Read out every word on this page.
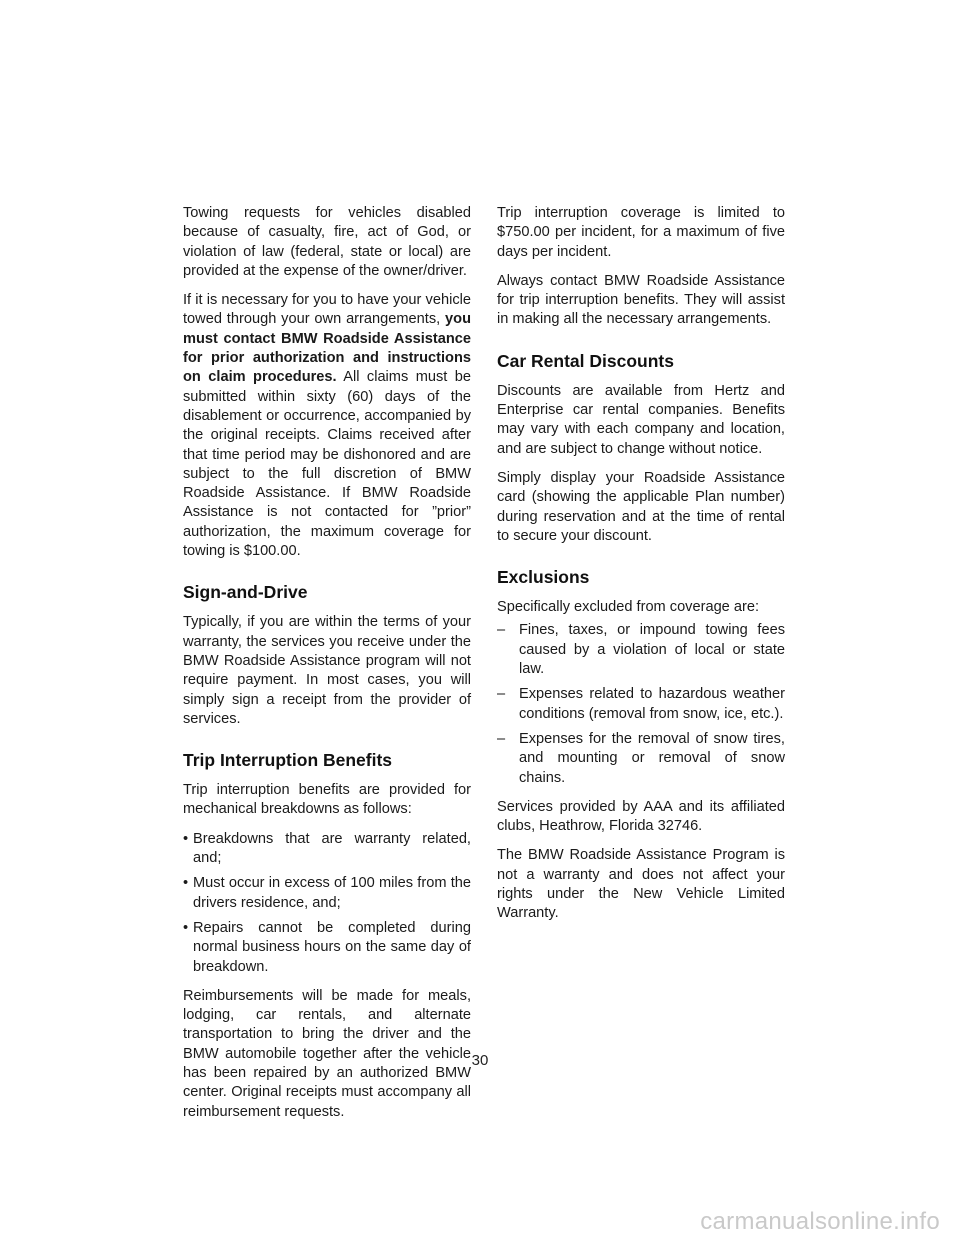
Towing requests for vehicles disabled because of casualty, fire, act of God, or violation of law (federal, state or local) are provided at the expense of the owner/driver.

If it is necessary for you to have your vehicle towed through your own arrangements, you must contact BMW Roadside Assistance for prior authorization and instructions on claim procedures. All claims must be submitted within sixty (60) days of the disablement or occurrence, accompanied by the original receipts. Claims received after that time period may be dishonored and are subject to the full discretion of BMW Roadside Assistance. If BMW Roadside Assistance is not contacted for ”prior” authorization, the maximum coverage for towing is $100.00.

Sign-and-Drive

Typically, if you are within the terms of your warranty, the services you receive under the BMW Roadside Assistance program will not require payment. In most cases, you will simply sign a receipt from the provider of services.

Trip Interruption Benefits

Trip interruption benefits are provided for mechanical breakdowns as follows:

• Breakdowns that are warranty related, and;
• Must occur in excess of 100 miles from the drivers residence, and;
• Repairs cannot be completed during normal business hours on the same day of breakdown.

Reimbursements will be made for meals, lodging, car rentals, and alternate transportation to bring the driver and the BMW automobile together after the vehicle has been repaired by an authorized BMW center. Original receipts must accompany all reimbursement requests.

Trip interruption coverage is limited to $750.00 per incident, for a maximum of five days per incident.

Always contact BMW Roadside Assistance for trip interruption benefits. They will assist in making all the necessary arrangements.

Car Rental Discounts

Discounts are available from Hertz and Enterprise car rental companies. Benefits may vary with each company and location, and are subject to change without notice.

Simply display your Roadside Assistance card (showing the applicable Plan number) during reservation and at the time of rental to secure your discount.

Exclusions

Specifically excluded from coverage are:

– Fines, taxes, or impound towing fees caused by a violation of local or state law.
– Expenses related to hazardous weather conditions (removal from snow, ice, etc.).
– Expenses for the removal of snow tires, and mounting or removal of snow chains.

Services provided by AAA and its affiliated clubs, Heathrow, Florida 32746.

The BMW Roadside Assistance Program is not a warranty and does not affect your rights under the New Vehicle Limited Warranty.

30
carmanualsonline.info
